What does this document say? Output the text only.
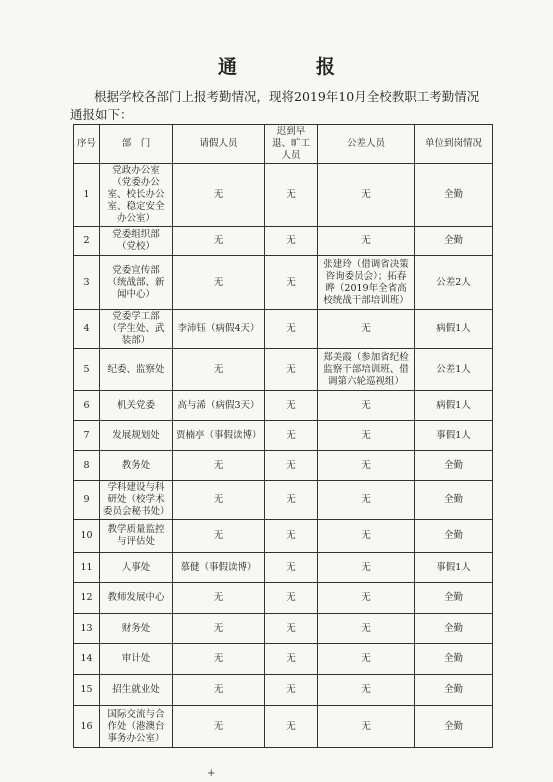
通　报
根据学校各部门上报考勤情况，现将2019年10月全校教职工考勤情况通报如下：
序号	部　门	请假人员	迟到早退、旷工人员	公差人员	单位到岗情况
1	党政办公室（党委办公室、校长办公室、稳定安全办公室）	无	无	无	全勤
2	党委组织部（党校）	无	无	无	全勤
3	党委宣传部（统战部、新闻中心）	无	无	张建玲（借调省决策咨询委员会）；拓春晔（2019年全省高校统战干部培训班）	公差2人
4	党委学工部（学生处、武装部）	李沛钰（病假4天）	无	无	病假1人
5	纪委、监察处	无	无	郑美霞（参加省纪检监察干部培训班、借调第六轮巡视组）	公差1人
6	机关党委	高与浠（病假3天）	无	无	病假1人
7	发展规划处	贾楠亭（事假读博）	无	无	事假1人
8	教务处	无	无	无	全勤
9	学科建设与科研处（校学术委员会秘书处）	无	无	无	全勤
10	教学质量监控与评估处	无	无	无	全勤
11	人事处	慕健（事假读博）	无	无	事假1人
12	教师发展中心	无	无	无	全勤
13	财务处	无	无	无	全勤
14	审计处	无	无	无	全勤
15	招生就业处	无	无	无	全勤
16	国际交流与合作处（港澳台事务办公室）	无	无	无	全勤
+
